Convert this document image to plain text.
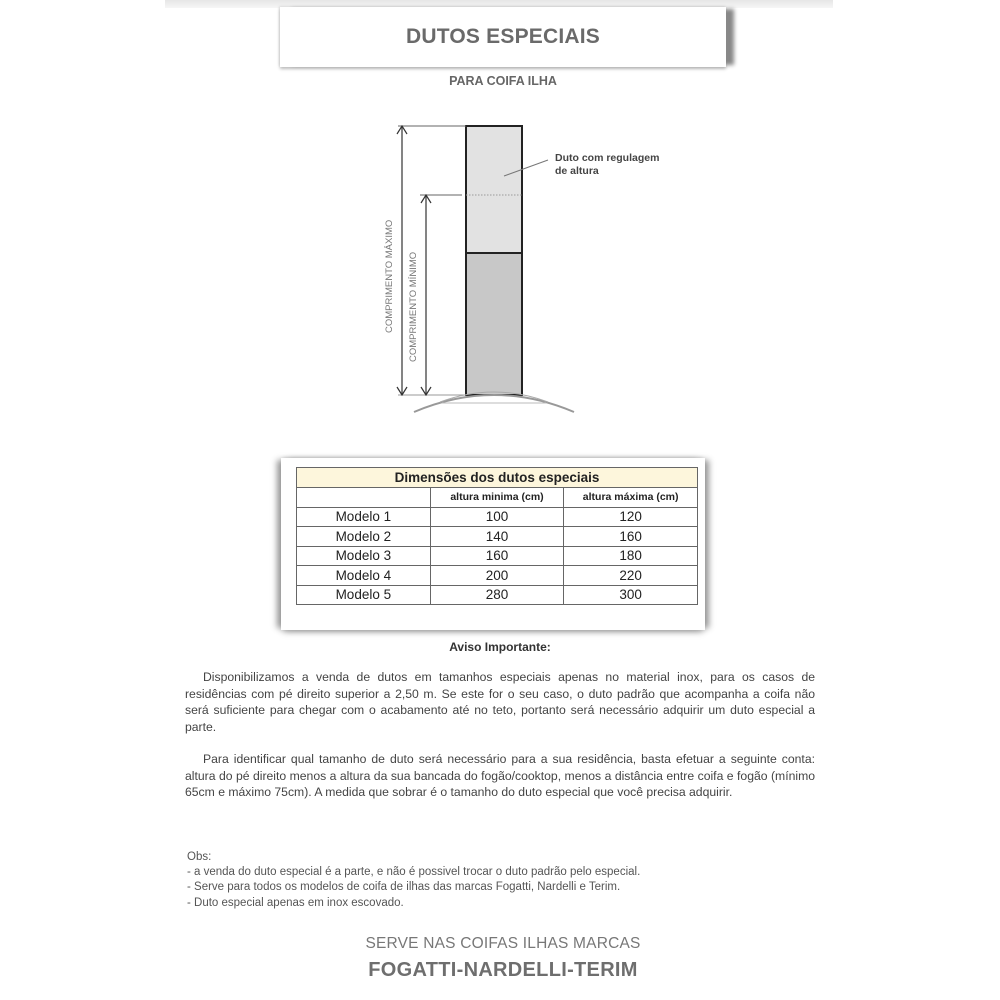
DUTOS ESPECIAIS
PARA COIFA ILHA
Duto com regulagem
de altura
COMPRIMENTO MÁXIMO COMPRIMENTO MÍNIMO
Dimensões dos dutos especiais		
	altura minima (cm)	altura máxima (cm)
Modelo 1	100	120
Modelo 2	140	160
Modelo 3	160	180
Modelo 4	200	220
Modelo 5	280	300
Aviso Importante:

Disponibilizamos a venda de dutos em tamanhos especiais apenas no material inox, para os casos de residências com pé direito superior a 2,50 m. Se este for o seu caso, o duto padrão que acompanha a coifa não será suficiente para chegar com o acabamento até no teto, portanto será necessário adquirir um duto especial a parte.

Para identificar qual tamanho de duto será necessário para a sua residência, basta efetuar a seguinte conta: altura do pé direito menos a altura da sua bancada do fogão/cooktop, menos a distância entre coifa e fogão (mínimo 65cm e máximo 75cm). A medida que sobrar é o tamanho do duto especial que você precisa adquirir.

Obs:
- a venda do duto especial é a parte, e não é possivel trocar o duto padrão pelo especial.
- Serve para todos os modelos de coifa de ilhas das marcas Fogatti, Nardelli e Terim.
- Duto especial apenas em inox escovado.
SERVE NAS COIFAS ILHAS MARCAS
FOGATTI-NARDELLI-TERIM
